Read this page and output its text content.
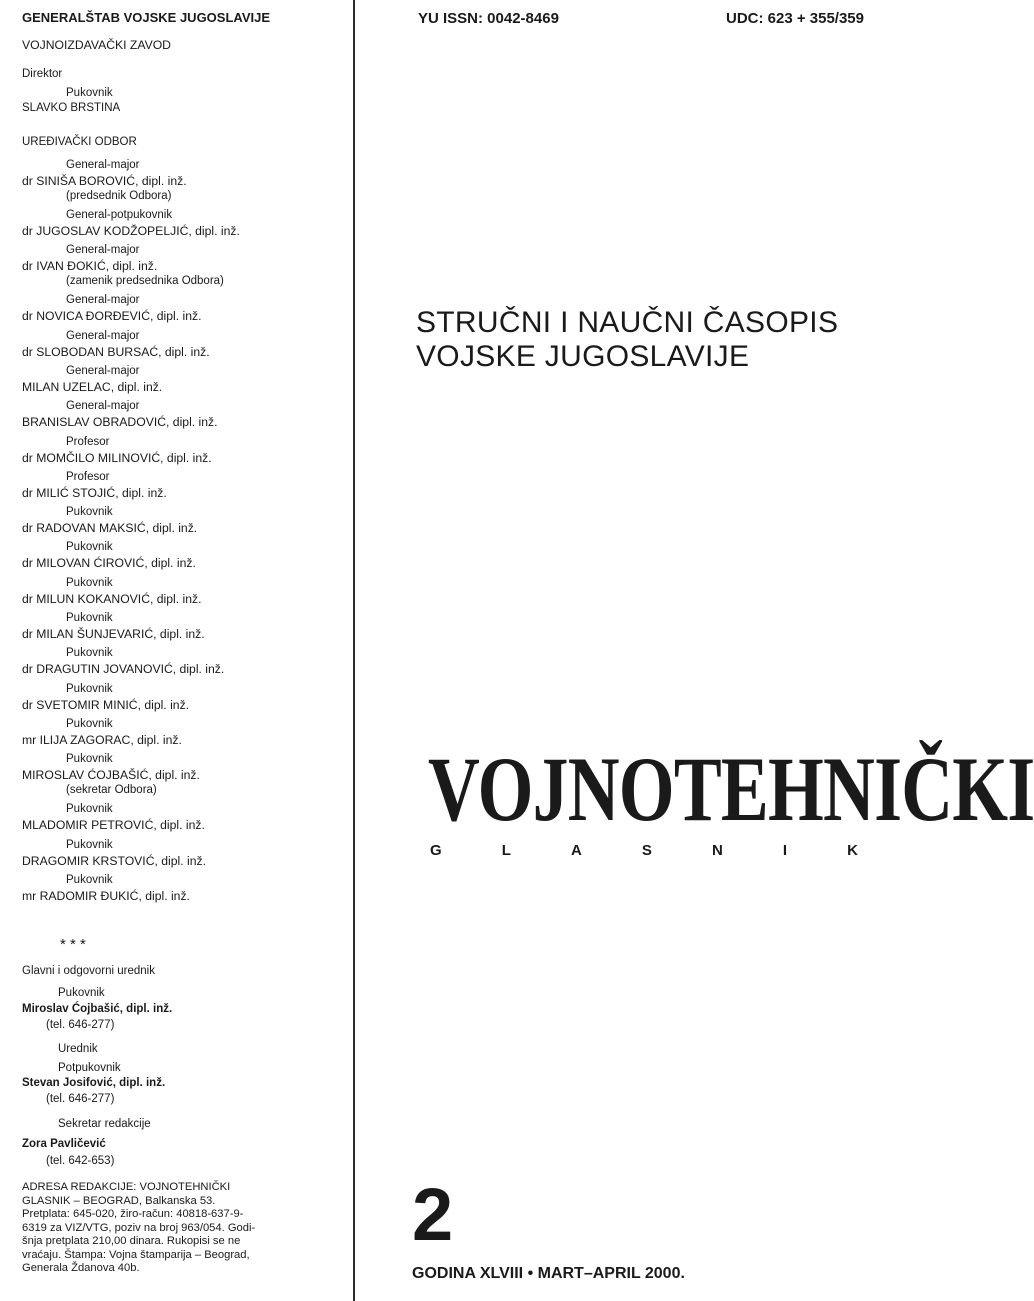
GENERALŠTAB VOJSKE JUGOSLAVIJE
VOJNOIZDAVAČKI ZAVOD
Direktor
Pukovnik
SLAVKO BRSTINA
UREĐIVAČKI ODBOR
General-major
dr SINIŠA BOROVIĆ, dipl. inž.
(predsednik Odbora)
General-potpukovnik
dr JUGOSLAV KODŽOPELJIĆ, dipl. inž.
General-major
dr IVAN ĐOKIĆ, dipl. inž.
(zamenik predsednika Odbora)
General-major
dr NOVICA ĐORĐEVIĆ, dipl. inž.
General-major
dr SLOBODAN BURSAĆ, dipl. inž.
General-major
MILAN UZELAC, dipl. inž.
General-major
BRANISLAV OBRADOVIĆ, dipl. inž.
Profesor
dr MOMČILO MILINOVIĆ, dipl. inž.
Profesor
dr MILIĆ STOJIĆ, dipl. inž.
Pukovnik
dr RADOVAN MAKSIĆ, dipl. inž.
Pukovnik
dr MILOVAN ĆIROVIĆ, dipl. inž.
Pukovnik
dr MILUN KOKANOVIĆ, dipl. inž.
Pukovnik
dr MILAN ŠUNJEVARIĆ, dipl. inž.
Pukovnik
dr DRAGUTIN JOVANOVIĆ, dipl. inž.
Pukovnik
dr SVETOMIR MINIĆ, dipl. inž.
Pukovnik
mr ILIJA ZAGORAC, dipl. inž.
Pukovnik
MIROSLAV ĆOJBAŠIĆ, dipl. inž.
(sekretar Odbora)
Pukovnik
MLADOMIR PETROVIĆ, dipl. inž.
Pukovnik
DRAGOMIR KRSTOVIĆ, dipl. inž.
Pukovnik
mr RADOMIR ĐUKIĆ, dipl. inž.
* * *
Glavni i odgovorni urednik
Pukovnik
Miroslav Ćojbašić, dipl. inž.
(tel. 646-277)
Urednik
Potpukovnik
Stevan Josifović, dipl. inž.
(tel. 646-277)
Sekretar redakcije
Zora Pavličević
(tel. 642-653)
ADRESA REDAKCIJE: VOJNOTEHNIČKI
GLASNIK – BEOGRAD, Balkanska 53.
Pretplata: 645-020, žiro-račun: 40818-637-9-
6319 za VIZ/VTG, poziv na broj 963/054. Godi-
šnja pretplata 210,00 dinara. Rukopisi se ne
vraćaju. Štampa: Vojna štamparija – Beograd,
Generala Ždanova 40b.
YU ISSN: 0042-8469	UDC: 623 + 355/359
STRUČNI I NAUČNI ČASOPIS
VOJSKE JUGOSLAVIJE
VOJNOTEHNIČKI
G	L	A	S	N	I	K
2
GODINA XLVIII • MART–APRIL 2000.
